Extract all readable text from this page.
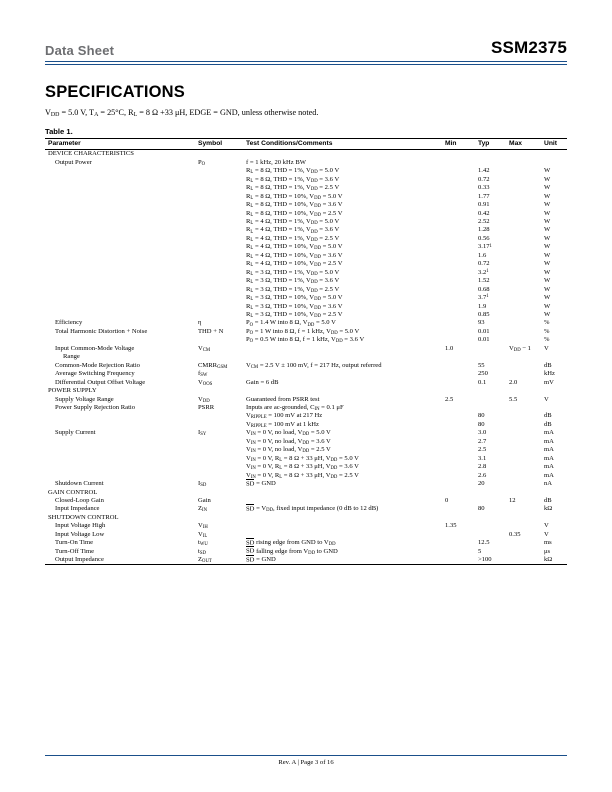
Data Sheet	SSM2375
SPECIFICATIONS

$V_{DD} = 5.0$ V, $T_A = 25^\circ C$, $R_L = 8$ Ω +33 μH, EDGE = GND, unless otherwise noted.

Table 1.
Parameter	Symbol	Test Conditions/Comments	Min	Typ	Max	Unit
DEVICE CHARACTERISTICS						
Output Power	$P_O$	f = 1 kHz, 20 kHz BW				
		$R_L = 8$ Ω, THD = 1%, $V_{DD} = 5.0$ V		1.42		W
		$R_L = 8$ Ω, THD = 1%, $V_{DD} = 3.6$ V		0.72		W
		$R_L = 8$ Ω, THD = 1%, $V_{DD} = 2.5$ V		0.33		W
		$R_L = 8$ Ω, THD = 10%, $V_{DD} = 5.0$ V		1.77		W
		$R_L = 8$ Ω, THD = 10%, $V_{DD} = 3.6$ V		0.91		W
		$R_L = 8$ Ω, THD = 10%, $V_{DD} = 2.5$ V		0.42		W
		$R_L = 4$ Ω, THD = 1%, $V_{DD} = 5.0$ V		2.52		W
		$R_L = 4$ Ω, THD = 1%, $V_{DD} = 3.6$ V		1.28		W
		$R_L = 4$ Ω, THD = 1%, $V_{DD} = 2.5$ V		0.56		W
		$R_L = 4$ Ω, THD = 10%, $V_{DD} = 5.0$ V		3.17$^1$		W
		$R_L = 4$ Ω, THD = 10%, $V_{DD} = 3.6$ V		1.6		W
		$R_L = 4$ Ω, THD = 10%, $V_{DD} = 2.5$ V		0.72		W
		$R_L = 3$ Ω, THD = 1%, $V_{DD} = 5.0$ V		$3.2^1$		W
		$R_L = 3$ Ω, THD = 1%, $V_{DD} = 3.6$ V		1.52		W
		$R_L = 3$ Ω, THD = 1%, $V_{DD} = 2.5$ V		0.68		W
		$R_L = 3$ Ω, THD = 10%, $V_{DD} = 5.0$ V		$3.7^1$		W
		$R_L = 3$ Ω, THD = 10%, $V_{DD} = 3.6$ V		1.9		W
		$R_L = 3$ Ω, THD = 10%, $V_{DD} = 2.5$ V		0.85		W
Efficiency	η	$P_O = 1.4$ W into 8 Ω, $V_{DD} = 5.0$ V		93		%
Total Harmonic Distortion + Noise	THD + N	$P_O = 1$ W into 8 Ω, f = 1 kHz, $V_{DD} = 5.0$ V		0.01		%
		$P_O = 0.5$ W into 8 Ω, f = 1 kHz, $V_{DD} = 3.6$ V		0.01		%
Input Common-Mode Voltage	$V_{CM}$		1.0		$V_{DD} - 1$	V
Range						
Common-Mode Rejection Ratio	$CMRR_{GSM}$	$V_{CM} = 2.5$ V ± 100 mV, f = 217 Hz, output referred		55		dB
Average Switching Frequency	$f_{SW}$			250		kHz
Differential Output Offset Voltage	$V_{OOS}$	Gain = 6 dB		0.1	2.0	mV
POWER SUPPLY						
Supply Voltage Range	$V_{DD}$	Guaranteed from PSRR test	2.5		5.5	V
Power Supply Rejection Ratio	PSRR	Inputs are ac-grounded, $C_{IN} = 0.1$ μF				
		$V_{RIPPLE} = 100$ mV at 217 Hz		80		dB
		$V_{RIPPLE} = 100$ mV at 1 kHz		80		dB
Supply Current	$I_{SY}$	$V_{IN} = 0$ V, no load, $V_{DD} = 5.0$ V		3.0		mA
		$V_{IN} = 0$ V, no load, $V_{DD} = 3.6$ V		2.7		mA
		$V_{IN} = 0$ V, no load, $V_{DD} = 2.5$ V		2.5		mA
		$V_{IN} = 0$ V, $R_L = 8$ Ω + 33 μH, $V_{DD} = 5.0$ V		3.1		mA
		$V_{IN} = 0$ V, $R_L = 8$ Ω + 33 μH, $V_{DD} = 3.6$ V		2.8		mA
		$V_{IN} = 0$ V, $R_L = 8$ Ω + 33 μH, $V_{DD} = 2.5$ V		2.6		mA
Shutdown Current	$I_{SD}$	SD = GND		20		nA
GAIN CONTROL						
Closed-Loop Gain	Gain		0		12	dB
Input Impedance	$Z_{IN}$	SD = $V_{DD}$, fixed input impedance (0 dB to 12 dB)		80		kΩ
SHUTDOWN CONTROL						
Input Voltage High	$V_{IH}$		1.35			V
Input Voltage Low	$V_{IL}$				0.35	V
Turn-On Time	$t_{WU}$	SD rising edge from GND to $V_{DD}$		12.5		ms
Turn-Off Time	$t_{SD}$	SD falling edge from $V_{DD}$ to GND		5		μs
Output Impedance	$Z_{OUT}$	SD = GND		>100		kΩ
Rev. A | Page 3 of 16
